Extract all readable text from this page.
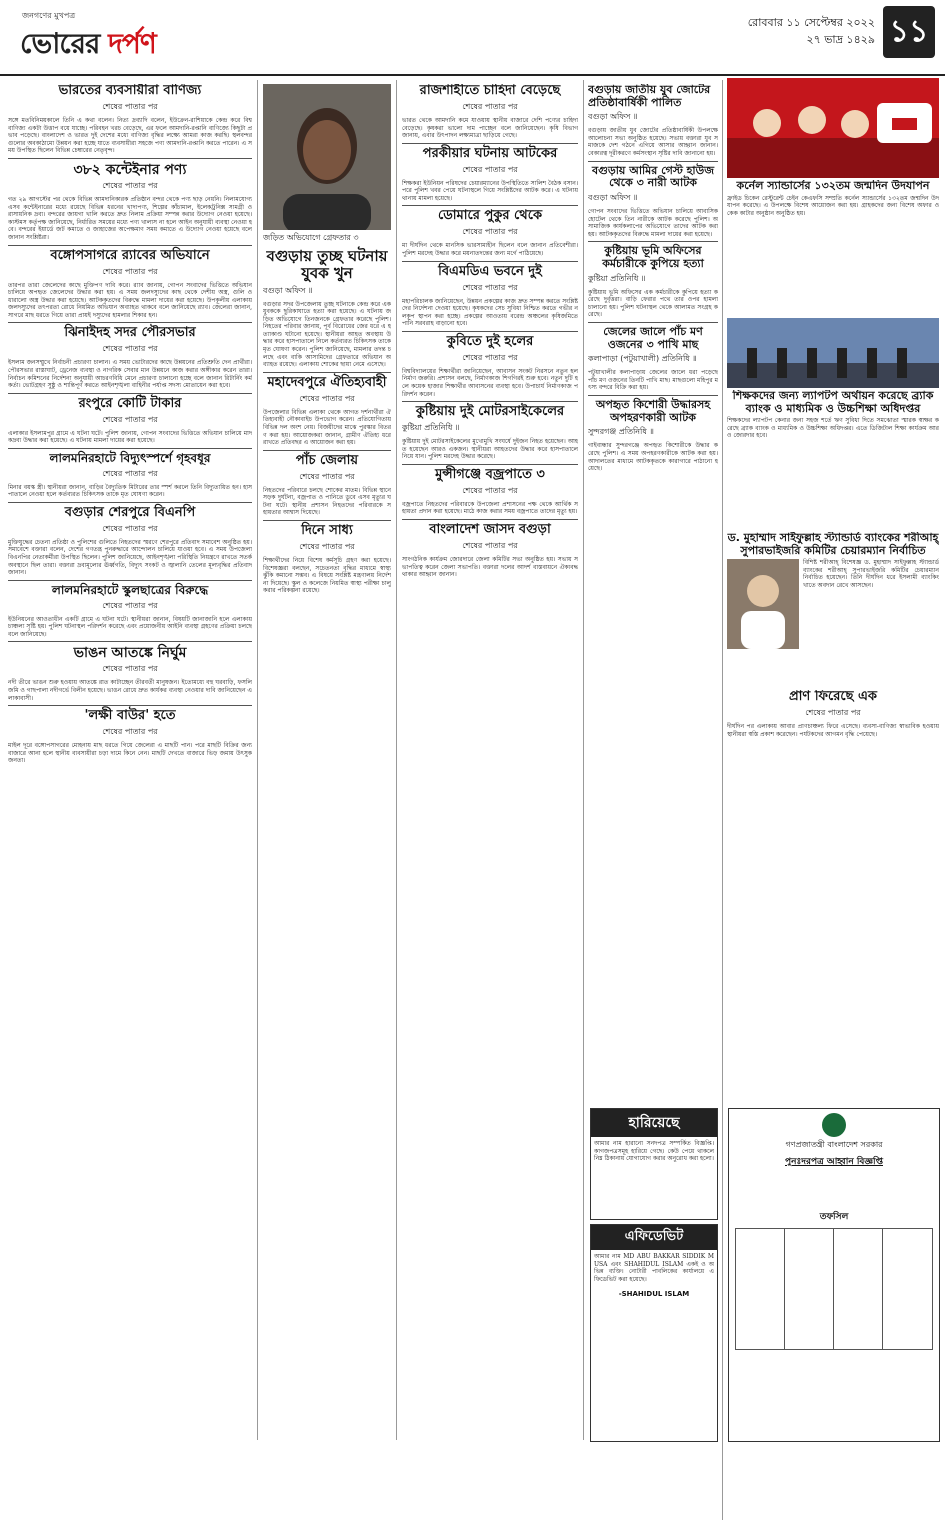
জনগণের মুখপত্র
ভোরের দর্পণ
রোববার ১১ সেপ্টেম্বর ২০২২
২৭ ভাদ্র ১৪২৯ ১১
ভারতের ব্যবসায়ীরা বাণিজ্য
শেষের পাতার পর

সঙ্গে মতবিনিময়কালে তিনি এ কথা বলেন। নিত্য দ্রব্যাদি বলেন, ইউক্রেন-রাশিয়াকে কেন্দ্র করে বিশ্ববাণিজ্য একটা উত্তাপ বয়ে যাচ্ছে। পরিবহন খরচ বেড়েছে, এর ফলে আমদানি-রপ্তানি বাণিজ্যে কিছুটা প্রভাব পড়েছে। বাংলাদেশ ও ভারত দুই দেশের মধ্যে বাণিজ্য বৃদ্ধির লক্ষ্যে আমরা কাজ করছি। স্থলবন্দরগুলোর অবকাঠামো উন্নয়ন করা হচ্ছে যাতে ব্যবসায়ীরা সহজে পণ্য আমদানি-রপ্তানি করতে পারেন। এ সময় উপস্থিত ছিলেন বিভিন্ন চেম্বারের নেতৃবৃন্দ।

৩৮২ কন্টেইনার পণ্য
শেষের পাতার পর

গত ২৯ আগস্টের পর থেকে বিভিন্ন আমদানিকারক প্রতিষ্ঠান বন্দর থেকে পণ্য ছাড় নেয়নি। নিলামযোগ্য এসব কন্টেইনারের মধ্যে রয়েছে বিভিন্ন ধরনের খাদ্যপণ্য, শিল্পের কাঁচামাল, ইলেকট্রনিক্স সামগ্রী ও রাসায়নিক দ্রব্য। বন্দরের জায়গা খালি করতে দ্রুত নিলাম প্রক্রিয়া সম্পন্ন করার উদ্যোগ নেওয়া হয়েছে। কাস্টমস কর্তৃপক্ষ জানিয়েছে, নির্ধারিত সময়ের মধ্যে পণ্য খালাস না হলে আইন অনুযায়ী ব্যবস্থা নেওয়া হবে। বন্দরের ইয়ার্ডে জট কমাতে ও জাহাজের অপেক্ষমাণ সময় কমাতে এ উদ্যোগ নেওয়া হয়েছে বলে জানান সংশ্লিষ্টরা।

বঙ্গোপসাগরে র‍্যাবের অভিযানে
শেষের পাতার পর

তারপর তারা জেলেদের কাছে মুক্তিপণ দাবি করে। র‍্যাব জানায়, গোপন সংবাদের ভিত্তিতে অভিযান চালিয়ে অপহৃত জেলেদের উদ্ধার করা হয়। এ সময় জলদস্যুদের কাছ থেকে দেশীয় অস্ত্র, গুলি ও ধারালো অস্ত্র উদ্ধার করা হয়েছে। আটককৃতদের বিরুদ্ধে মামলা দায়ের করা হয়েছে। উপকূলীয় এলাকায় জলদস্যুদের তৎপরতা রোধে নিয়মিত অভিযান অব্যাহত থাকবে বলে জানিয়েছে র‍্যাব। জেলেরা জানান, সাগরে মাছ ধরতে গিয়ে তারা প্রায়ই দস্যুদের হামলার শিকার হন।

ঝিনাইদহ সদর পৌরসভার
শেষের পাতার পর

ইসলাম জনসম্মুখে নির্বাচনী প্রচারণা চালান। এ সময় ভোটারদের কাছে উন্নয়নের প্রতিশ্রুতি দেন প্রার্থীরা। পৌরসভার রাস্তাঘাট, ড্রেনেজ ব্যবস্থা ও নাগরিক সেবার মান উন্নয়নে কাজ করার অঙ্গীকার করেন তারা। নির্বাচন কমিশনের নির্দেশনা অনুযায়ী আচরণবিধি মেনে প্রচারণা চালানো হচ্ছে বলে জানান রিটার্নিং কর্মকর্তা। ভোটগ্রহণ সুষ্ঠু ও শান্তিপূর্ণ করতে আইনশৃঙ্খলা বাহিনীর পর্যাপ্ত সদস্য মোতায়েন করা হবে।

রংপুরে কোটি টাকার
শেষের পাতার পর

এলাকার ইসলামপুর গ্রামে এ ঘটনা ঘটে। পুলিশ জানায়, গোপন সংবাদের ভিত্তিতে অভিযান চালিয়ে মাদকদ্রব্য উদ্ধার করা হয়েছে। এ ঘটনায় মামলা দায়ের করা হয়েছে।

লালমনিরহাটে বিদ্যুৎস্পর্শে গৃহবধূর
শেষের পাতার পর

মিনার বয়স্ক স্ত্রী। স্থানীয়রা জানান, বাড়ির বৈদ্যুতিক মিটারের তার স্পর্শ করলে তিনি বিদ্যুতায়িত হন। হাসপাতালে নেওয়া হলে কর্তব্যরত চিকিৎসক তাকে মৃত ঘোষণা করেন।

বগুড়ার শেরপুরে বিএনপি
শেষের পাতার পর

মুক্তিযুদ্ধের চেতনা প্রতিষ্ঠা ও পুলিশের গুলিতে নিহতদের স্মরণে শেরপুরে প্রতিবাদ সমাবেশ অনুষ্ঠিত হয়। সমাবেশে বক্তারা বলেন, দেশের গণতন্ত্র পুনরুদ্ধারে আন্দোলন চালিয়ে যাওয়া হবে। এ সময় উপজেলা বিএনপির নেতাকর্মীরা উপস্থিত ছিলেন। পুলিশ জানিয়েছে, আইনশৃঙ্খলা পরিস্থিতি নিয়ন্ত্রণে রাখতে সতর্ক অবস্থানে ছিল তারা। বক্তারা দ্রব্যমূল্যের ঊর্ধ্বগতি, বিদ্যুৎ সংকট ও জ্বালানি তেলের মূল্যবৃদ্ধির প্রতিবাদ জানান।

লালমনিরহাটে স্কুলছাত্রের বিরুদ্ধে
শেষের পাতার পর

ইউনিয়নের আওতাধীন একটি গ্রামে এ ঘটনা ঘটে। স্থানীয়রা জানান, বিষয়টি জানাজানি হলে এলাকায় চাঞ্চল্য সৃষ্টি হয়। পুলিশ ঘটনাস্থল পরিদর্শন করেছে এবং প্রয়োজনীয় আইনি ব্যবস্থা গ্রহণের প্রক্রিয়া চলছে বলে জানিয়েছে।

ভাঙন আতঙ্কে নির্ঘুম
শেষের পাতার পর

নদী তীরে ভাঙন শুরু হওয়ায় আতঙ্কে রাত কাটাচ্ছেন তীরবর্তী মানুষজন। ইতোমধ্যে বহু ঘরবাড়ি, ফসলি জমি ও গাছপালা নদীগর্ভে বিলীন হয়েছে। ভাঙন রোধে দ্রুত কার্যকর ব্যবস্থা নেওয়ার দাবি জানিয়েছেন এলাকাবাসী।

'লক্ষী বাউর' হতে
শেষের পাতার পর

মাইল দূরে বঙ্গোপসাগরের মোহনায় মাছ ধরতে গিয়ে জেলেরা এ মাছটি পান। পরে মাছটি বিক্রির জন্য বাজারে আনা হলে স্থানীয় ব্যবসায়ীরা চড়া দামে কিনে নেন। মাছটি দেখতে বাজারে ভিড় জমায় উৎসুক জনতা।

জড়িত অভিযোগে গ্রেফতার ৩
বগুড়ায় তুচ্ছ ঘটনায় যুবক খুন
বগুড়া অফিস ॥

বগুড়ার সদর উপজেলায় তুচ্ছ ঘটনাকে কেন্দ্র করে এক যুবককে ছুরিকাঘাতে হত্যা করা হয়েছে। এ ঘটনায় জড়িত অভিযোগে তিনজনকে গ্রেফতার করেছে পুলিশ। নিহতের পরিবার জানায়, পূর্ব বিরোধের জের ধরে এ হত্যাকাণ্ড ঘটানো হয়েছে। স্থানীয়রা আহত অবস্থায় উদ্ধার করে হাসপাতালে নিলে কর্তব্যরত চিকিৎসক তাকে মৃত ঘোষণা করেন। পুলিশ জানিয়েছে, মামলার তদন্ত চলছে এবং বাকি আসামিদের গ্রেফতারে অভিযান অব্যাহত রয়েছে। এলাকায় শোকের ছায়া নেমে এসেছে।

মহাদেবপুরে ঐতিহ্যবাহী
শেষের পাতার পর

উপজেলার বিভিন্ন এলাকা থেকে আগত দর্শনার্থীরা ঐতিহ্যবাহী নৌকাবাইচ উপভোগ করেন। প্রতিযোগিতায় বিভিন্ন দল অংশ নেয়। বিজয়ীদের মাঝে পুরস্কার বিতরণ করা হয়। আয়োজকরা জানান, গ্রামীণ ঐতিহ্য ধরে রাখতে প্রতিবছর এ আয়োজন করা হয়।

পাঁচ জেলায়
শেষের পাতার পর

নিহতদের পরিবারে চলছে শোকের মাতম। বিভিন্ন স্থানে সড়ক দুর্ঘটনা, বজ্রপাত ও পানিতে ডুবে এসব মৃত্যুর ঘটনা ঘটে। স্থানীয় প্রশাসন নিহতদের পরিবারকে সহায়তার আশ্বাস দিয়েছে।

দিনে সাধ্য
শেষের পাতার পর

শিক্ষার্থীদের নিয়ে বিশেষ কর্মসূচি গ্রহণ করা হয়েছে। বিশেষজ্ঞরা বলছেন, সচেতনতা বৃদ্ধির মাধ্যমে স্বাস্থ্যঝুঁকি কমানো সম্ভব। এ বিষয়ে সংশ্লিষ্ট মন্ত্রণালয় নির্দেশনা দিয়েছে। স্কুল ও কলেজে নিয়মিত স্বাস্থ্য পরীক্ষা চালু করার পরিকল্পনা রয়েছে।

রাজশাহীতে চাহিদা বেড়েছে
শেষের পাতার পর

ভারত থেকে আমদানি কমে যাওয়ায় স্থানীয় বাজারে দেশি পণ্যের চাহিদা বেড়েছে। কৃষকরা ভালো দাম পাচ্ছেন বলে জানিয়েছেন। কৃষি বিভাগ জানায়, এবার উৎপাদন লক্ষ্যমাত্রা ছাড়িয়ে গেছে।

পরকীয়ার ঘটনায় আটকের
শেষের পাতার পর

শিক্ষকরা ইউনিয়ন পরিষদের চেয়ারম্যানের উপস্থিতিতে সালিশ বৈঠক বসান। পরে পুলিশ খবর পেয়ে ঘটনাস্থলে গিয়ে সংশ্লিষ্টদের আটক করে। এ ঘটনায় থানায় মামলা হয়েছে।

ডোমারে পুকুর থেকে
শেষের পাতার পর

মা দীর্ঘদিন থেকে মানসিক ভারসাম্যহীন ছিলেন বলে জানান প্রতিবেশীরা। পুলিশ মরদেহ উদ্ধার করে ময়নাতদন্তের জন্য মর্গে পাঠিয়েছে।

বিএমডিএ ভবনে দুই
শেষের পাতার পর

মহাপরিচালক জানিয়েছেন, উন্নয়ন প্রকল্পের কাজ দ্রুত সম্পন্ন করতে সংশ্লিষ্টদের নির্দেশনা দেওয়া হয়েছে। কৃষকদের সেচ সুবিধা নিশ্চিত করতে গভীর নলকূপ স্থাপন করা হচ্ছে। প্রকল্পের আওতায় বরেন্দ্র অঞ্চলের কৃষিজমিতে পানি সরবরাহ বাড়ানো হবে।

কুবিতে দুই হলের
শেষের পাতার পর

বিশ্ববিদ্যালয়ের শিক্ষার্থীরা জানিয়েছেন, আবাসন সংকট নিরসনে নতুন হল নির্মাণ জরুরি। প্রশাসন বলছে, নির্মাণকাজ শিগগিরই শুরু হবে। নতুন দুটি হলে কয়েক হাজার শিক্ষার্থীর আবাসনের ব্যবস্থা হবে। উপাচার্য নির্মাণকাজ পরিদর্শন করেন।

কুষ্টিয়ায় দুই মোটরসাইকেলের
কুষ্টিয়া প্রতিনিধি ॥

কুষ্টিয়ায় দুই মোটরসাইকেলের মুখোমুখি সংঘর্ষে দুইজন নিহত হয়েছেন। আহত হয়েছেন আরও একজন। স্থানীয়রা আহতদের উদ্ধার করে হাসপাতালে নিয়ে যান। পুলিশ মরদেহ উদ্ধার করেছে।

মুন্সীগঞ্জে বজ্রপাতে ৩
শেষের পাতার পর

বজ্রপাতে নিহতদের পরিবারকে উপজেলা প্রশাসনের পক্ষ থেকে আর্থিক সহায়তা প্রদান করা হয়েছে। মাঠে কাজ করার সময় বজ্রপাতে তাদের মৃত্যু হয়।

বাংলাদেশ জাসদ বগুড়া
শেষের পাতার পর

সাংগঠনিক কার্যক্রম জোরদারে জেলা কমিটির সভা অনুষ্ঠিত হয়। সভায় সভাপতিত্ব করেন জেলা সভাপতি। বক্তারা দলের আদর্শ বাস্তবায়নে ঐক্যবদ্ধ থাকার আহ্বান জানান।

বগুড়ায় জাতীয় যুব জোটের প্রতিষ্ঠাবার্ষিকী পালিত
বগুড়া অফিস ॥

বগুড়ায় জাতীয় যুব জোটের প্রতিষ্ঠাবার্ষিকী উপলক্ষে আলোচনা সভা অনুষ্ঠিত হয়েছে। সভায় বক্তারা যুব সমাজকে দেশ গঠনে এগিয়ে আসার আহ্বান জানান। বেকারত্ব দূরীকরণে কর্মসংস্থান সৃষ্টির দাবি জানানো হয়।

বগুড়ায় আমির গেস্ট হাউজ থেকে ৩ নারী আটক
বগুড়া অফিস ॥

গোপন সংবাদের ভিত্তিতে অভিযান চালিয়ে আবাসিক হোটেল থেকে তিন নারীকে আটক করেছে পুলিশ। অসামাজিক কার্যকলাপের অভিযোগে তাদের আটক করা হয়। আটককৃতদের বিরুদ্ধে মামলা দায়ের করা হয়েছে।

কুষ্টিয়ায় ভূমি অফিসের কর্মচারীকে কুপিয়ে হত্যা
কুষ্টিয়া প্রতিনিধি ॥

কুষ্টিয়ায় ভূমি অফিসের এক কর্মচারীকে কুপিয়ে হত্যা করেছে দুর্বৃত্তরা। বাড়ি ফেরার পথে তার ওপর হামলা চালানো হয়। পুলিশ ঘটনাস্থল থেকে আলামত সংগ্রহ করেছে।

জেলের জালে পাঁচ মণ ওজনের ৩ পাখি মাছ
কলাপাড়া (পটুয়াখালী) প্রতিনিধি ॥

পটুয়াখালীর কলাপাড়ায় জেলের জালে ধরা পড়েছে পাঁচ মণ ওজনের তিনটি পাখি মাছ। মাছগুলো মহিপুর মৎস্য বন্দরে বিক্রি করা হয়।

অপহৃত কিশোরী উদ্ধারসহ অপহরণকারী আটক
সুন্দরগঞ্জ প্রতিনিধি ॥

গাইবান্ধার সুন্দরগঞ্জে অপহৃত কিশোরীকে উদ্ধার করেছে পুলিশ। এ সময় অপহরণকারীকে আটক করা হয়। আদালতের মাধ্যমে আটককৃতকে কারাগারে পাঠানো হয়েছে।

হারিয়েছে

আমার নাম হারানো সনদপত্র সম্পর্কিত বিজ্ঞপ্তি। কাগজপত্রসমূহ হারিয়ে গেছে। কেউ পেয়ে থাকলে নিম্ন ঠিকানায় যোগাযোগ করার অনুরোধ করা হলো।

এফিডেভিট

আমার নাম MD ABU BAKKAR SIDDIK MUSA এবং SHAHIDUL ISLAM একই ও অভিন্ন ব্যক্তি। নোটারী পাবলিকের কার্যালয়ে এফিডেভিট করা হয়েছে।

-SHAHIDUL ISLAM
কর্নেল স্যান্ডার্সের ১৩২তম জন্মদিন উদযাপন

ফ্রাইড চিকেন রেস্টুরেন্ট চেইন কেএফসি সম্প্রতি কর্নেল স্যান্ডার্সের ১৩২তম জন্মদিন উদযাপন করেছে। এ উপলক্ষে বিশেষ আয়োজন করা হয়। গ্রাহকদের জন্য বিশেষ অফার ও কেক কাটার অনুষ্ঠান অনুষ্ঠিত হয়।

শিক্ষকদের জন্য ল্যাপটপ অর্থায়ন করেছে ব্র্যাক ব্যাংক ও মাধ্যমিক ও উচ্চশিক্ষা অধিদপ্তর

শিক্ষকদের ল্যাপটপ কেনার জন্য সহজ শর্তে ঋণ সুবিধা দিতে সমঝোতা স্মারক স্বাক্ষর করেছে ব্র্যাক ব্যাংক ও মাধ্যমিক ও উচ্চশিক্ষা অধিদপ্তর। এতে ডিজিটাল শিক্ষা কার্যক্রম আরও জোরদার হবে।

ড. মুহাম্মাদ সাইফুল্লাহ স্ট্যান্ডার্ড ব্যাংকের শরীআহ্ সুপারভাইজরি কমিটির চেয়ারম্যান নির্বাচিত

বিশিষ্ট শরীআহ্ বিশেষজ্ঞ ড. মুহাম্মাদ সাইফুল্লাহ স্ট্যান্ডার্ড ব্যাংকের শরীআহ্ সুপারভাইজরি কমিটির চেয়ারম্যান নির্বাচিত হয়েছেন। তিনি দীর্ঘদিন ধরে ইসলামী ব্যাংকিং খাতে অবদান রেখে আসছেন।

প্রাণ ফিরেছে এক
শেষের পাতার পর

দীর্ঘদিন পর এলাকায় আবার প্রাণচাঞ্চল্য ফিরে এসেছে। ব্যবসা-বাণিজ্য স্বাভাবিক হওয়ায় স্থানীয়রা স্বস্তি প্রকাশ করেছেন। পর্যটকদের আগমন বৃদ্ধি পেয়েছে।

গণপ্রজাতন্ত্রী বাংলাদেশ সরকার
পুনঃদরপত্র আহ্বান বিজ্ঞপ্তি
তফসিল
